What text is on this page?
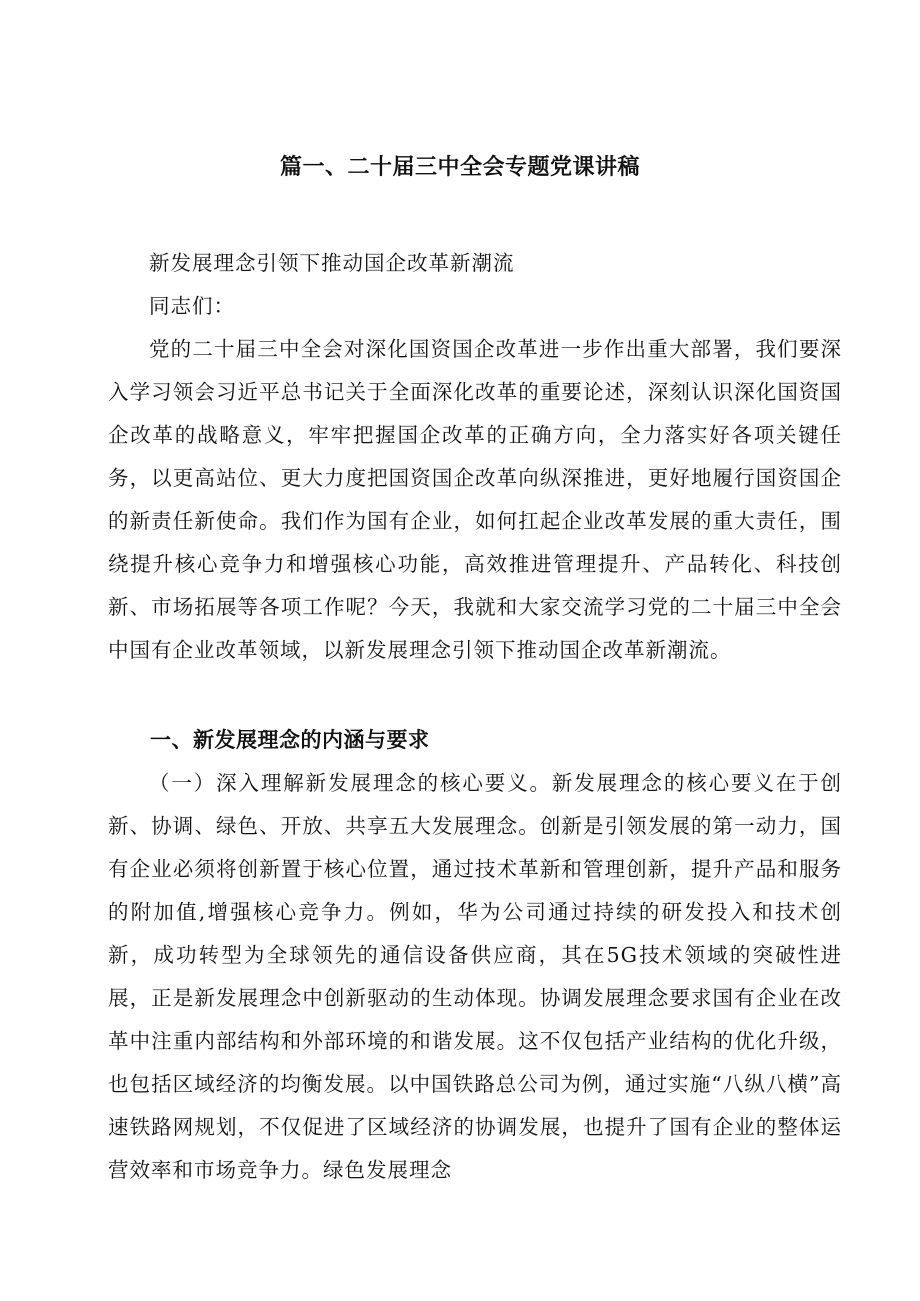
篇一、二十届三中全会专题党课讲稿
新发展理念引领下推动国企改革新潮流
同志们：
党的二十届三中全会对深化国资国企改革进一步作出重大部署，我们要深入学习领会习近平总书记关于全面深化改革的重要论述，深刻认识深化国资国企改革的战略意义，牢牢把握国企改革的正确方向，全力落实好各项关键任务，以更高站位、更大力度把国资国企改革向纵深推进，更好地履行国资国企的新责任新使命。我们作为国有企业，如何扛起企业改革发展的重大责任，围绕提升核心竞争力和增强核心功能，高效推进管理提升、产品转化、科技创新、市场拓展等各项工作呢？今天，我就和大家交流学习党的二十届三中全会中国有企业改革领域，以新发展理念引领下推动国企改革新潮流。
一、新发展理念的内涵与要求
（一）深入理解新发展理念的核心要义。新发展理念的核心要义在于创新、协调、绿色、开放、共享五大发展理念。创新是引领发展的第一动力，国有企业必须将创新置于核心位置，通过技术革新和管理创新，提升产品和服务的附加值,增强核心竞争力。例如，华为公司通过持续的研发投入和技术创新，成功转型为全球领先的通信设备供应商，其在5G技术领域的突破性进展，正是新发展理念中创新驱动的生动体现。协调发展理念要求国有企业在改革中注重内部结构和外部环境的和谐发展。这不仅包括产业结构的优化升级，也包括区域经济的均衡发展。以中国铁路总公司为例，通过实施“八纵八横”高速铁路网规划，不仅促进了区域经济的协调发展，也提升了国有企业的整体运营效率和市场竞争力。绿色发展理念
